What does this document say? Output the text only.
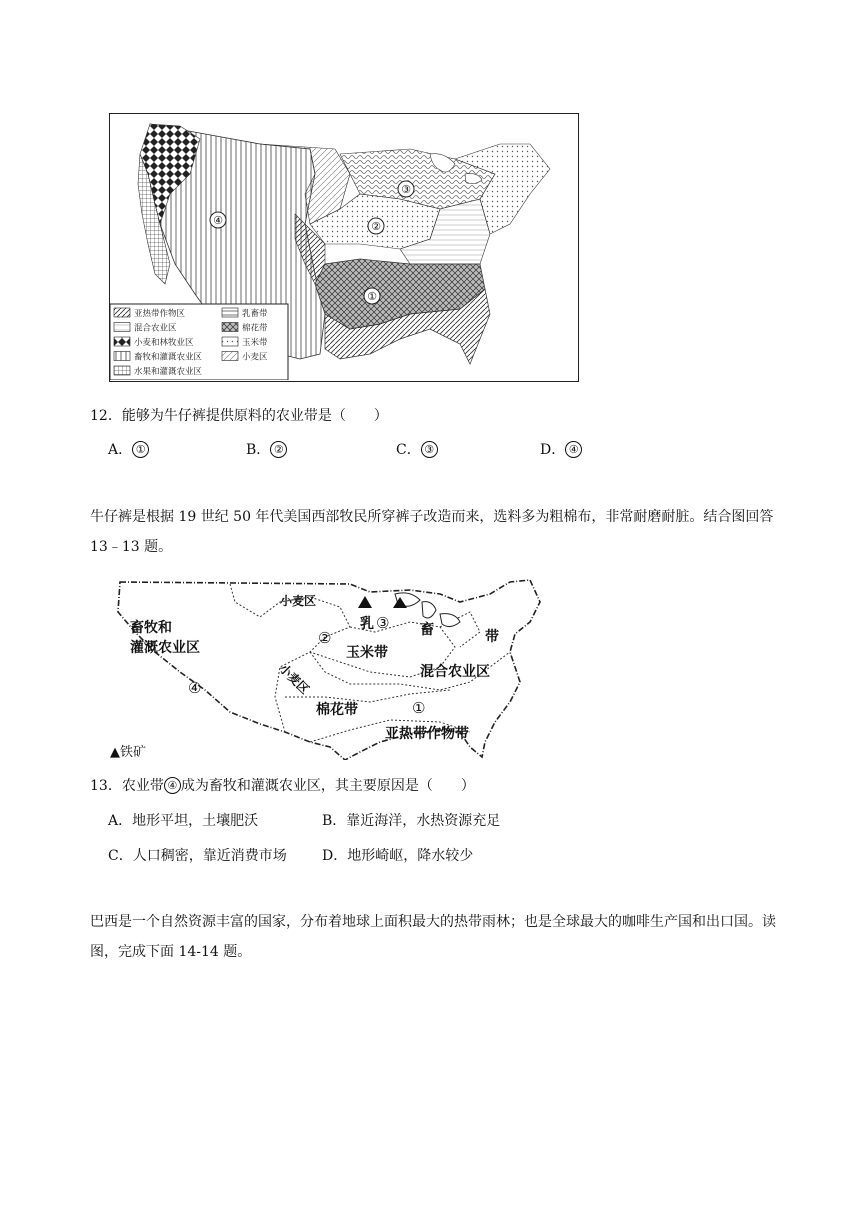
④	②
③
①
亚热带作物区	乳畜带
混合农业区	棉花带
小麦和林牧业区	玉米带
畜牧和灌溉农业区	小麦区
水果和灌溉农业区
12．能够为牛仔裤提供原料的农业带是（　　）
A． ①	B． ②	C． ③	D． ④
牛仔裤是根据 19 世纪 50 年代美国西部牧民所穿裤子改造而来，选料多为粗棉布，非常耐磨耐脏。结合图回答 13﹣13 题。
畜牧和
灌溉农业区
小麦区
小麦区
乳	畜	带
玉米带
混合农业区
棉花带
亚热带作物带
④
②
③
①
▲铁矿
13．农业带 ④ 成为畜牧和灌溉农业区，其主要原因是（　　）
A．地形平坦，土壤肥沃	B．靠近海洋，水热资源充足
C．人口稠密，靠近消费市场	D．地形崎岖，降水较少
巴西是一个自然资源丰富的国家，分布着地球上面积最大的热带雨林；也是全球最大的咖啡生产国和出口国。读图，完成下面 14-14 题。
